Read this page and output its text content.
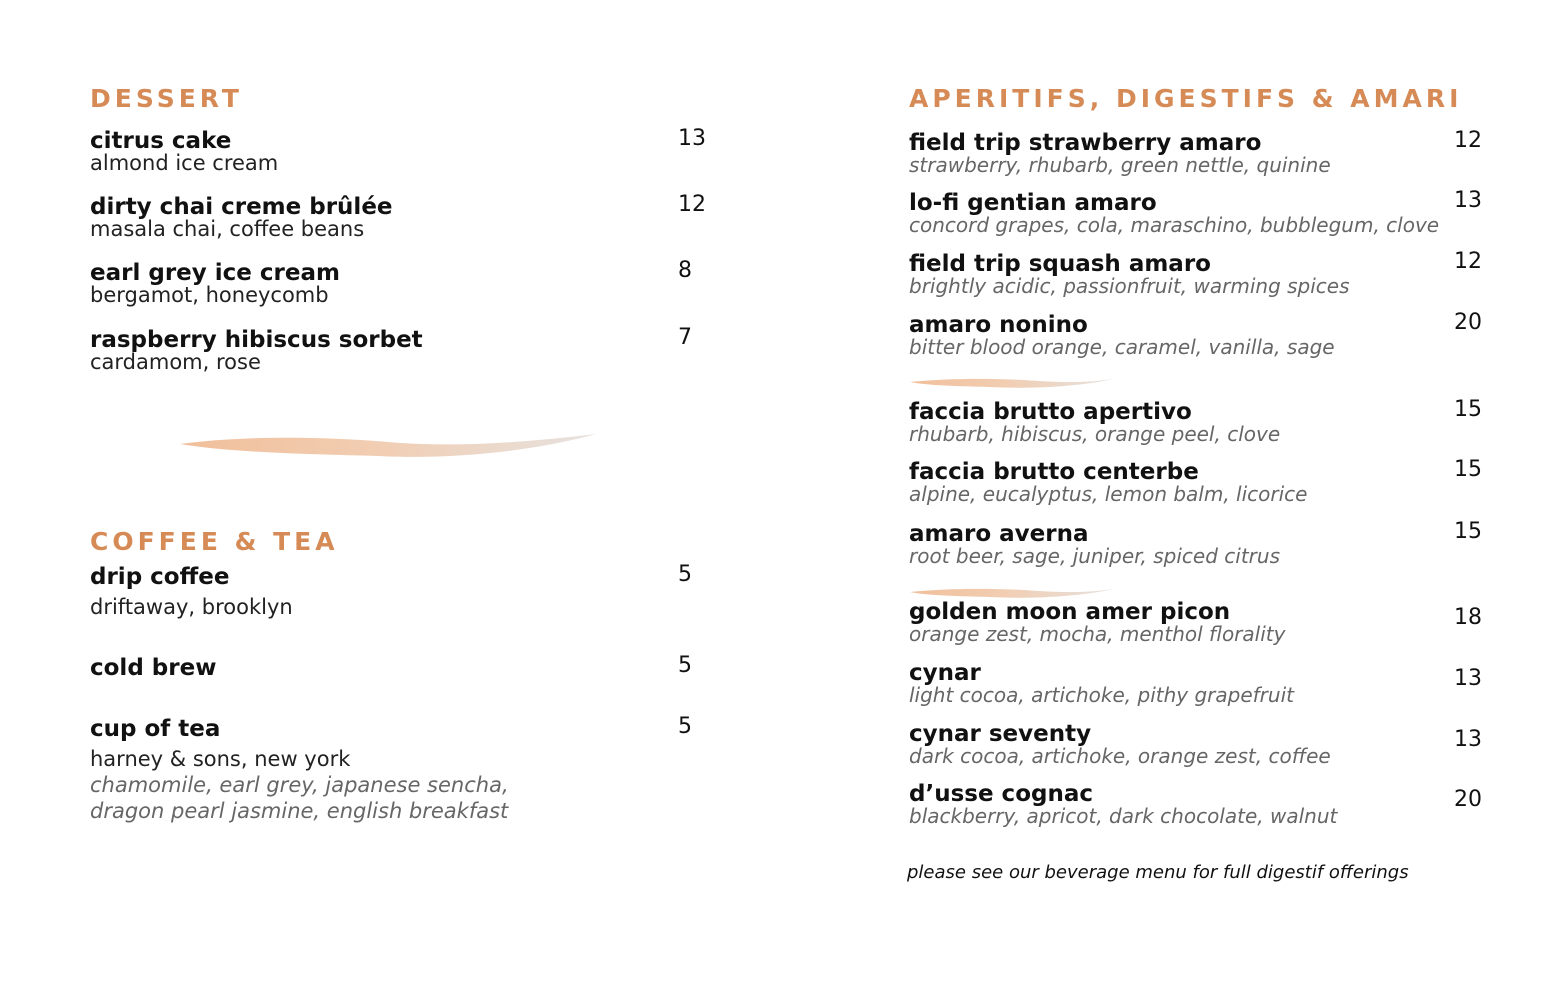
DESSERT
citrus cake
almond ice cream
13
dirty chai creme brûlée
masala chai, coffee beans
12
earl grey ice cream
bergamot, honeycomb
8
raspberry hibiscus sorbet
cardamom, rose
7
COFFEE & TEA
drip coffee
driftaway, brooklyn
5
cold brew	5
cup of tea
harney & sons, new york
chamomile, earl grey, japanese sencha,
dragon pearl jasmine, english breakfast
5
APERITIFS, DIGESTIFS & AMARI
field trip strawberry amaro
strawberry, rhubarb, green nettle, quinine
12
lo-fi gentian amaro
concord grapes, cola, maraschino, bubblegum, clove
13
field trip squash amaro
brightly acidic, passionfruit, warming spices
12
amaro nonino
bitter blood orange, caramel, vanilla, sage
20
faccia brutto apertivo
rhubarb, hibiscus, orange peel, clove
15
faccia brutto centerbe
alpine, eucalyptus, lemon balm, licorice
15
amaro averna
root beer, sage, juniper, spiced citrus
15
golden moon amer picon
orange zest, mocha, menthol florality
18
cynar
light cocoa, artichoke, pithy grapefruit
13
cynar seventy
dark cocoa, artichoke, orange zest, coffee
13
d’usse cognac
blackberry, apricot, dark chocolate, walnut
20
please see our beverage menu for full digestif offerings
